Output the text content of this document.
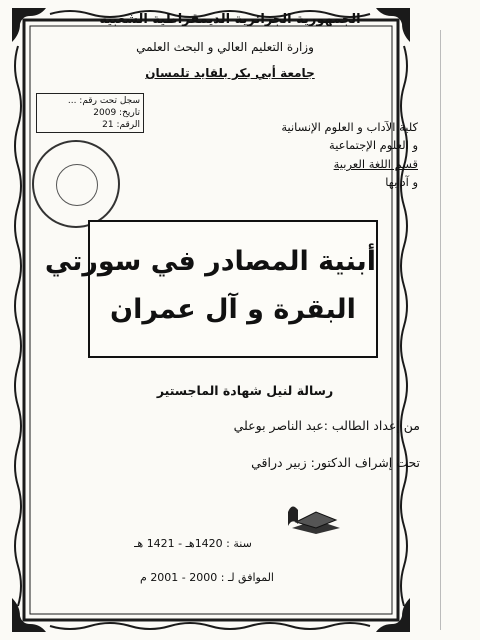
الجمهورية الجزائرية الديمقراطية الشعبية
وزارة التعليم العالي و البحث العلمي
جامعة أبي بكر بلقايد تلمسان
سجل تحت رقم: ...
تاريخ: 2009
الرقم: 21	كلية الآداب و العلوم الإنسانية
و العلوم الإجتماعية
قسم اللغة العربية
و آدابها
أبنية المصادر في سورتي
البقرة و آل عمران
رسالة لنيل شهادة الماجستير
من إعداد الطالب :عبد الناصر بوعلي
تحت إشراف الدكتور: زبير دراقي
سنة : 1420هـ - 1421 هـ
الموافق لـ : 2000 - 2001 م
